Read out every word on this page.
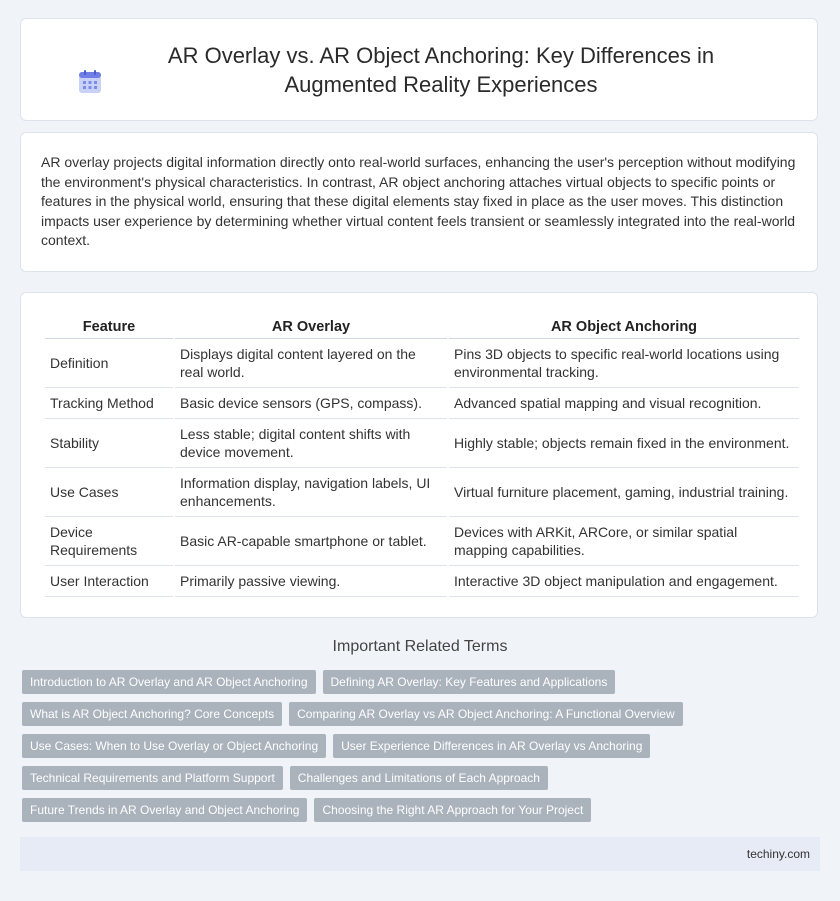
AR Overlay vs. AR Object Anchoring: Key Differences in Augmented Reality Experiences

AR overlay projects digital information directly onto real-world surfaces, enhancing the user's perception without modifying the environment's physical characteristics. In contrast, AR object anchoring attaches virtual objects to specific points or features in the physical world, ensuring that these digital elements stay fixed in place as the user moves. This distinction impacts user experience by determining whether virtual content feels transient or seamlessly integrated into the real-world context.

Feature	AR Overlay	AR Object Anchoring
Definition	Displays digital content layered on the real world.	Pins 3D objects to specific real-world locations using environmental tracking.
Tracking Method	Basic device sensors (GPS, compass).	Advanced spatial mapping and visual recognition.
Stability	Less stable; digital content shifts with device movement.	Highly stable; objects remain fixed in the environment.
Use Cases	Information display, navigation labels, UI enhancements.	Virtual furniture placement, gaming, industrial training.
Device Requirements	Basic AR-capable smartphone or tablet.	Devices with ARKit, ARCore, or similar spatial mapping capabilities.
User Interaction	Primarily passive viewing.	Interactive 3D object manipulation and engagement.
Important Related Terms
Introduction to AR Overlay and AR Object Anchoring	Defining AR Overlay: Key Features and Applications
What is AR Object Anchoring? Core Concepts	Comparing AR Overlay vs AR Object Anchoring: A Functional Overview
Use Cases: When to Use Overlay or Object Anchoring	User Experience Differences in AR Overlay vs Anchoring
Technical Requirements and Platform Support	Challenges and Limitations of Each Approach
Future Trends in AR Overlay and Object Anchoring	Choosing the Right AR Approach for Your Project
techiny.com
